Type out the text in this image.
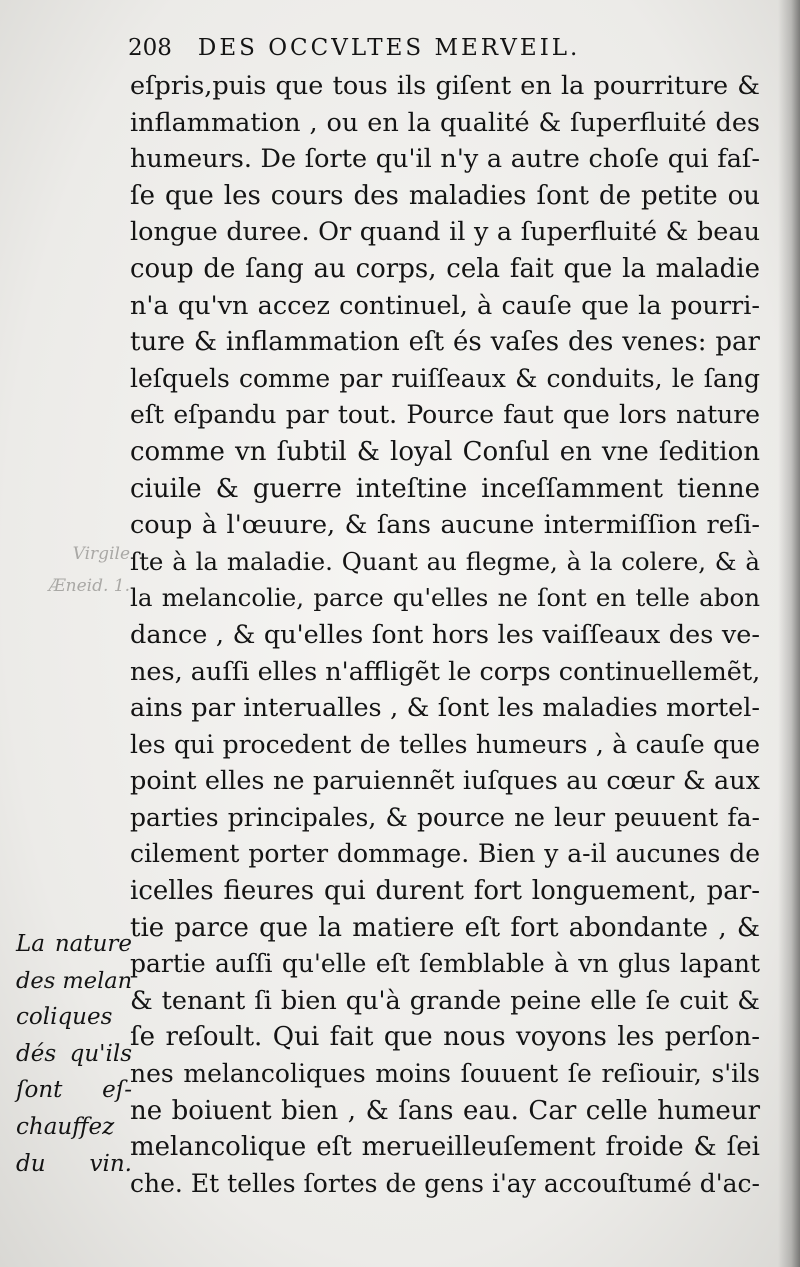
208 DES OCCVLTES MERVEIL.
Virgile
Æneid. 1.
eſpris,puis que tous ils giſent en la pourriture &
inflammation , ou en la qualité & ſuperfluité des
humeurs. De ſorte qu'il n'y a autre choſe qui faſ-
ſe que les cours des maladies ſont de petite ou
longue duree. Or quand il y a ſuperfluité & beau
coup de ſang au corps, cela fait que la maladie
n'a qu'vn accez continuel, à cauſe que la pourri-
ture & inflammation eſt és vaſes des venes: par
leſquels comme par ruiſſeaux & conduits, le ſang
eſt eſpandu par tout. Pource faut que lors nature
comme vn ſubtil & loyal Conſul en vne ſedition
ciuile & guerre inteſtine inceſſamment tienne
coup à l'œuure, & ſans aucune intermiſſion reſi-
ſte à la maladie. Quant au flegme, à la colere, & à
la melancolie, parce qu'elles ne ſont en telle abon
dance , & qu'elles ſont hors les vaiſſeaux des ve-
nes, auſſi elles n'affligẽt le corps continuellemẽt,
ains par interualles , & ſont les maladies mortel-
les qui procedent de telles humeurs , à cauſe que
point elles ne paruiennẽt iuſques au cœur & aux
parties principales, & pource ne leur peuuent fa-
cilement porter dommage. Bien y a-il aucunes de
icelles fieures qui durent fort longuement, par-
tie parce que la matiere eſt fort abondante , &
partie auſſi qu'elle eſt ſemblable à vn glus lapant
& tenant ſi bien qu'à grande peine elle ſe cuit &
ſe reſoult. Qui fait que nous voyons les perſon-
nes melancoliques moins ſouuent ſe reſiouir, s'ils
ne boiuent bien , & ſans eau. Car celle humeur
melancolique eſt merueilleuſement froide & ſei
che. Et telles ſortes de gens i'ay accouſtumé d'ac-
La nature
des melan
coliques
dés qu'ils
ſont eſ-
chauffez
du vin.
